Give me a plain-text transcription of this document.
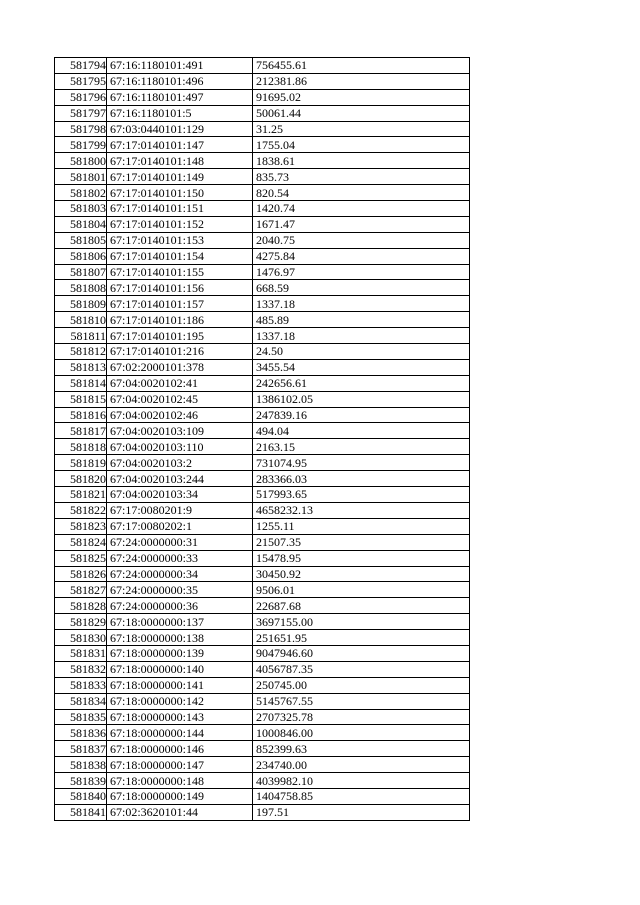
581794	67:16:1180101:491	756455.61
581795	67:16:1180101:496	212381.86
581796	67:16:1180101:497	91695.02
581797	67:16:1180101:5	50061.44
581798	67:03:0440101:129	31.25
581799	67:17:0140101:147	1755.04
581800	67:17:0140101:148	1838.61
581801	67:17:0140101:149	835.73
581802	67:17:0140101:150	820.54
581803	67:17:0140101:151	1420.74
581804	67:17:0140101:152	1671.47
581805	67:17:0140101:153	2040.75
581806	67:17:0140101:154	4275.84
581807	67:17:0140101:155	1476.97
581808	67:17:0140101:156	668.59
581809	67:17:0140101:157	1337.18
581810	67:17:0140101:186	485.89
581811	67:17:0140101:195	1337.18
581812	67:17:0140101:216	24.50
581813	67:02:2000101:378	3455.54
581814	67:04:0020102:41	242656.61
581815	67:04:0020102:45	1386102.05
581816	67:04:0020102:46	247839.16
581817	67:04:0020103:109	494.04
581818	67:04:0020103:110	2163.15
581819	67:04:0020103:2	731074.95
581820	67:04:0020103:244	283366.03
581821	67:04:0020103:34	517993.65
581822	67:17:0080201:9	4658232.13
581823	67:17:0080202:1	1255.11
581824	67:24:0000000:31	21507.35
581825	67:24:0000000:33	15478.95
581826	67:24:0000000:34	30450.92
581827	67:24:0000000:35	9506.01
581828	67:24:0000000:36	22687.68
581829	67:18:0000000:137	3697155.00
581830	67:18:0000000:138	251651.95
581831	67:18:0000000:139	9047946.60
581832	67:18:0000000:140	4056787.35
581833	67:18:0000000:141	250745.00
581834	67:18:0000000:142	5145767.55
581835	67:18:0000000:143	2707325.78
581836	67:18:0000000:144	1000846.00
581837	67:18:0000000:146	852399.63
581838	67:18:0000000:147	234740.00
581839	67:18:0000000:148	4039982.10
581840	67:18:0000000:149	1404758.85
581841	67:02:3620101:44	197.51
